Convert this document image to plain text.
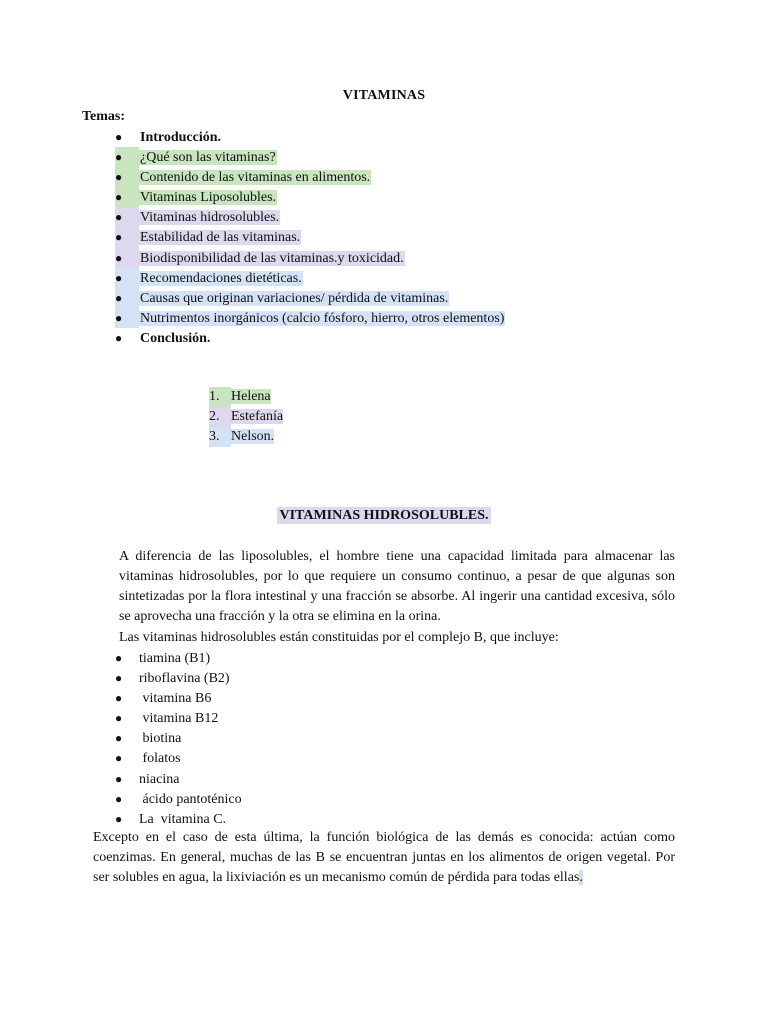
VITAMINAS
Temas:
● Introducción.
● ¿Qué son las vitaminas?
● Contenido de las vitaminas en alimentos.
● Vitaminas Liposolubles.
● Vitaminas hidrosolubles.
● Estabilidad de las vitaminas.
● Biodisponibilidad de las vitaminas.y toxicidad.
● Recomendaciones dietéticas.
● Causas que originan variaciones/ pérdida de vitaminas.
● Nutrimentos inorgánicos (calcio fósforo, hierro, otros elementos)
● Conclusión.
1. Helena
2. Estefanía
3. Nelson.
VITAMINAS HIDROSOLUBLES.
A diferencia de las liposolubles, el hombre tiene una capacidad limitada para almacenar las vitaminas hidrosolubles, por lo que requiere un consumo continuo, a pesar de que algunas son sintetizadas por la flora intestinal y una fracción se absorbe. Al ingerir una cantidad excesiva, sólo se aprovecha una fracción y la otra se elimina en la orina.
Las vitaminas hidrosolubles están constituidas por el complejo B, que incluye:
● tiamina (B1)
● riboflavina (B2)
● vitamina B6
● vitamina B12
● biotina
● folatos
● niacina
● ácido pantoténico
● La  vitamina C.
Excepto en el caso de esta última, la función biológica de las demás es conocida: actúan como coenzimas. En general, muchas de las B se encuentran juntas en los alimentos de origen vegetal. Por ser solubles en agua, la lixiviación es un mecanismo común de pérdida para todas ellas.
